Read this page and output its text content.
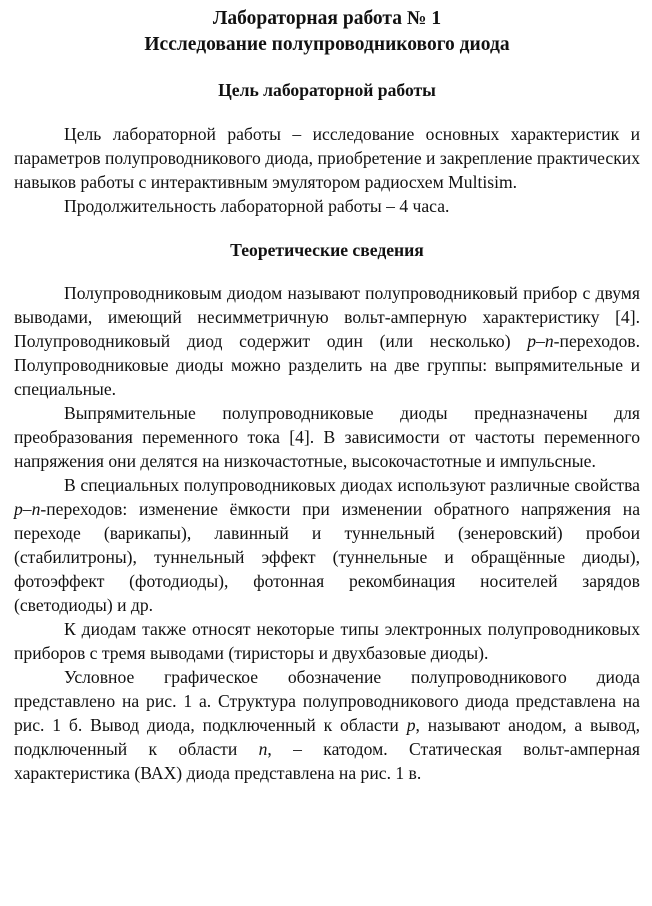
Лабораторная работа № 1
Исследование полупроводникового диода
Цель лабораторной работы

Цель лабораторной работы – исследование основных характеристик и параметров полупроводникового диода, приобретение и закрепление практических навыков работы с интерактивным эмулятором радиосхем Multisim.

Продолжительность лабораторной работы – 4 часа.

Теоретические сведения

Полупроводниковым диодом называют полупроводниковый прибор с двумя выводами, имеющий несимметричную вольт-амперную характеристику [4]. Полупроводниковый диод содержит один (или несколько) p–n-переходов. Полупроводниковые диоды можно разделить на две группы: выпрямительные и специальные.

Выпрямительные полупроводниковые диоды предназначены для преобразования переменного тока [4]. В зависимости от частоты переменного напряжения они делятся на низкочастотные, высокочастотные и импульсные.

В специальных полупроводниковых диодах используют различные свойства p–n-переходов: изменение ёмкости при изменении обратного напряжения на переходе (варикапы), лавинный и туннельный (зенеровский) пробои (стабилитроны), туннельный эффект (туннельные и обращённые диоды), фотоэффект (фотодиоды), фотонная рекомбинация носителей зарядов (светодиоды) и др.

К диодам также относят некоторые типы электронных полупроводниковых приборов с тремя выводами (тиристоры и двухбазовые диоды).

Условное графическое обозначение полупроводникового диода представлено на рис. 1 а. Структура полупроводникового диода представлена на рис. 1 б. Вывод диода, подключенный к области p, называют анодом, а вывод, подключенный к области n, – катодом. Статическая вольт-амперная характеристика (ВАХ) диода представлена на рис. 1 в.
